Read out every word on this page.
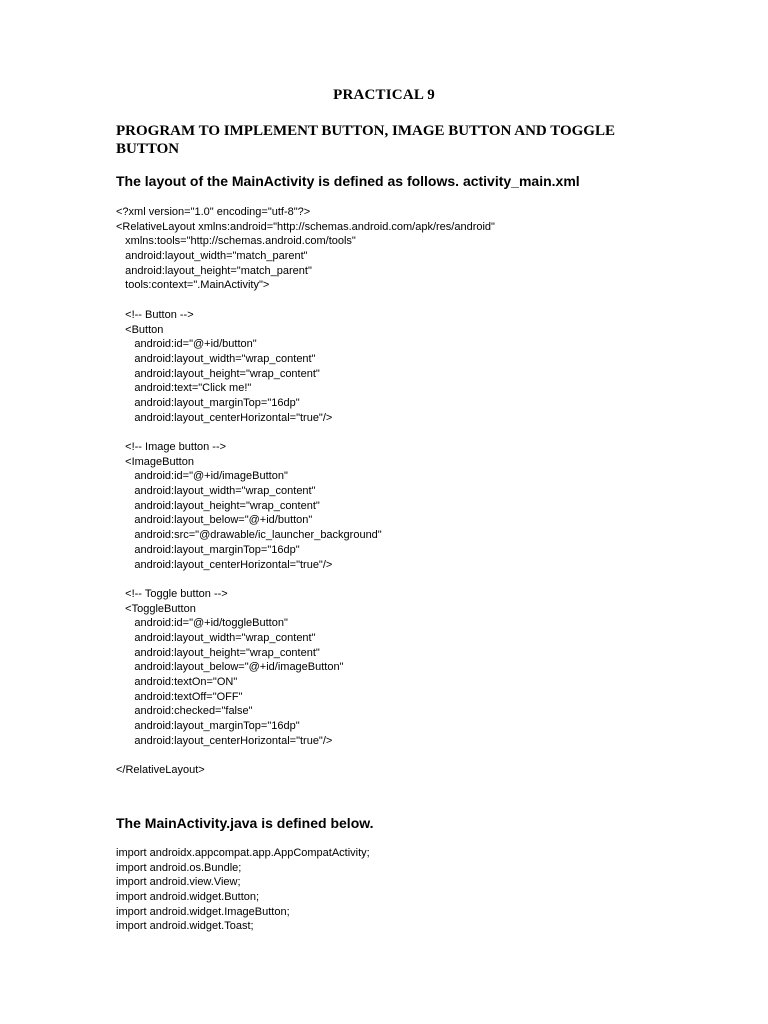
PRACTICAL 9
PROGRAM TO IMPLEMENT BUTTON, IMAGE BUTTON AND TOGGLE BUTTON
The layout of the MainActivity is defined as follows. activity_main.xml
<?xml version="1.0" encoding="utf-8"?>
<RelativeLayout xmlns:android="http://schemas.android.com/apk/res/android"
xmlns:tools="http://schemas.android.com/tools"
android:layout_width="match_parent"
android:layout_height="match_parent"
tools:context=".MainActivity">
<!-- Button -->
<Button
android:id="@+id/button"
android:layout_width="wrap_content"
android:layout_height="wrap_content"
android:text="Click me!"
android:layout_marginTop="16dp"
android:layout_centerHorizontal="true"/>
<!-- Image button -->
<ImageButton
android:id="@+id/imageButton"
android:layout_width="wrap_content"
android:layout_height="wrap_content"
android:layout_below="@+id/button"
android:src="@drawable/ic_launcher_background"
android:layout_marginTop="16dp"
android:layout_centerHorizontal="true"/>
<!-- Toggle button -->
<ToggleButton
android:id="@+id/toggleButton"
android:layout_width="wrap_content"
android:layout_height="wrap_content"
android:layout_below="@+id/imageButton"
android:textOn="ON"
android:textOff="OFF"
android:checked="false"
android:layout_marginTop="16dp"
android:layout_centerHorizontal="true"/>
</RelativeLayout>
The MainActivity.java is defined below.
import androidx.appcompat.app.AppCompatActivity;
import android.os.Bundle;
import android.view.View;
import android.widget.Button;
import android.widget.ImageButton;
import android.widget.Toast;
